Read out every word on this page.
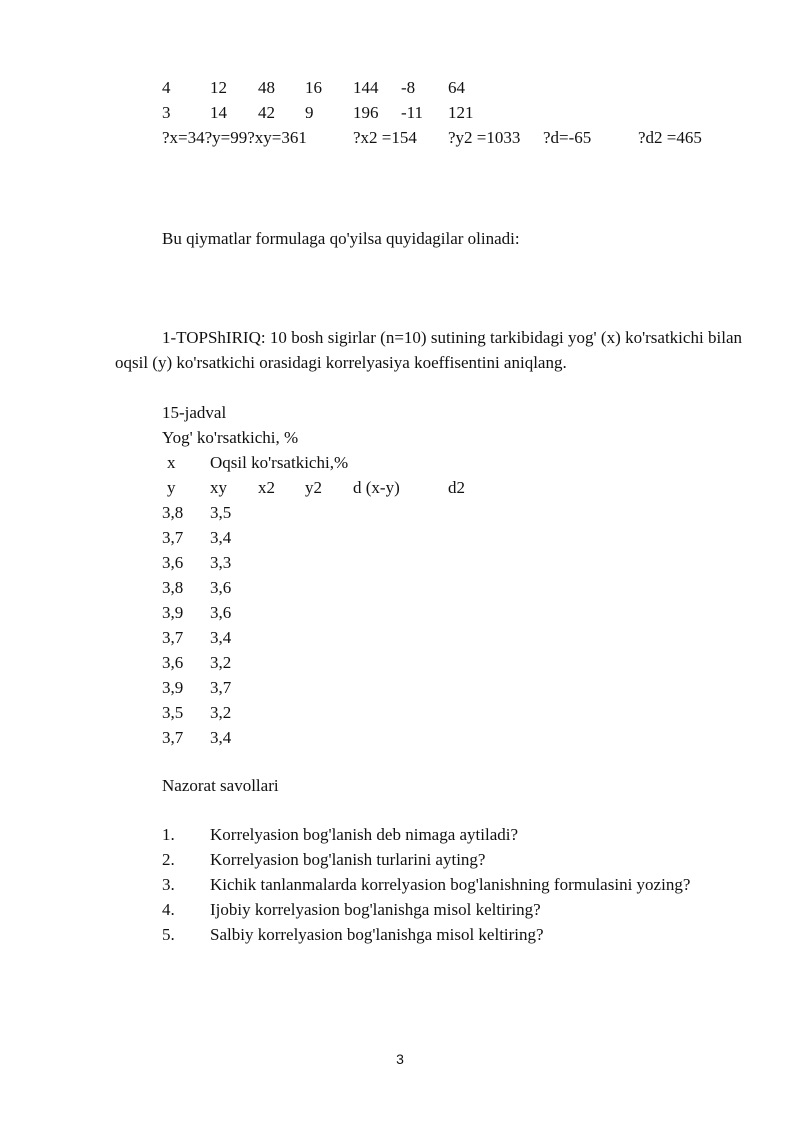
4 12 48 16 144 -8 64
3 14 42 9 196 -11 121
?x=34?y=99?xy=361	?x2 =154 ?y2 =1033 ?d=-65	?d2 =465
Bu qiymatlar formulaga qo'yilsa quyidagilar olinadi:
1-TOPShIRIQ: 10 bosh sigirlar (n=10) sutining tarkibidagi yog' (x) ko'rsatkichi bilan oqsil (y) ko'rsatkichi orasidagi korrelyasiya koeffisentini aniqlang.
15-jadval
Yog' ko'rsatkichi, %
x Oqsil ko'rsatkichi,%
y xy x2 y2 d (x-y)	d2
3,8 3,5
3,7 3,4
3,6 3,3
3,8 3,6
3,9 3,6
3,7 3,4
3,6 3,2
3,9 3,7
3,5 3,2
3,7 3,4
Nazorat savollari
1. Korrelyasion bog'lanish deb nimaga aytiladi?
2. Korrelyasion bog'lanish turlarini ayting?
3. Kichik tanlanmalarda korrelyasion bog'lanishning formulasini yozing?
4. Ijobiy korrelyasion bog'lanishga misol keltiring?
5. Salbiy korrelyasion bog'lanishga misol keltiring?
3
